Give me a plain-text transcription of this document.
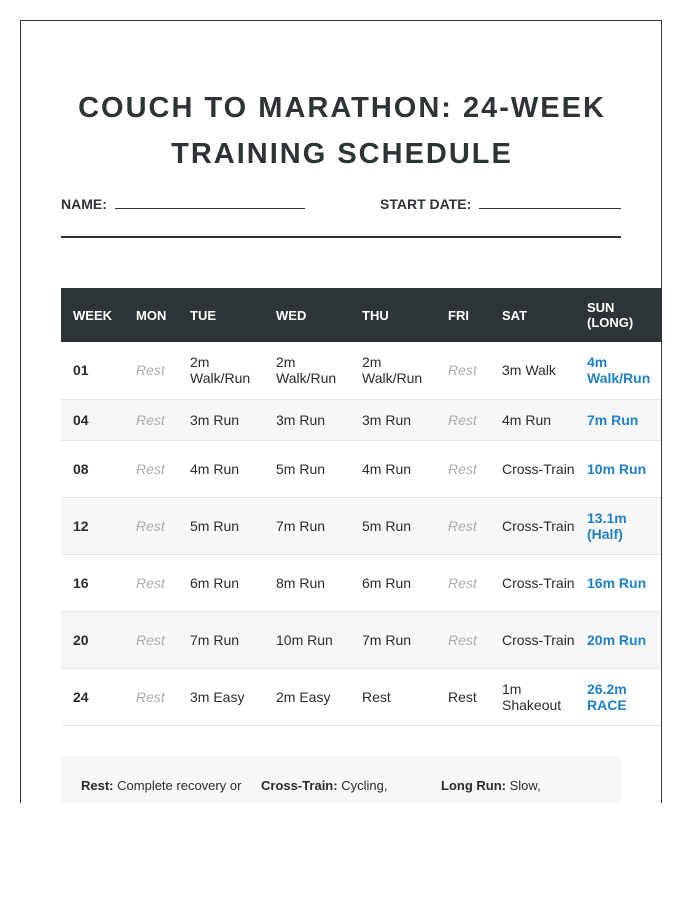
COUCH TO MARATHON: 24-WEEK
TRAINING SCHEDULE
NAME:	START DATE:
WEEK	MON	TUE	WED	THU	FRI	SAT	SUN (LONG)
01	Rest	2m Walk/Run	2m Walk/Run	2m Walk/Run	Rest	3m Walk	4m Walk/Run
04	Rest	3m Run	3m Run	3m Run	Rest	4m Run	7m Run
08	Rest	4m Run	5m Run	4m Run	Rest	Cross-Train	10m Run
12	Rest	5m Run	7m Run	5m Run	Rest	Cross-Train	13.1m (Half)
16	Rest	6m Run	8m Run	6m Run	Rest	Cross-Train	16m Run
20	Rest	7m Run	10m Run	7m Run	Rest	Cross-Train	20m Run
24	Rest	3m Easy	2m Easy	Rest	Rest	1m Shakeout	26.2m RACE
Rest: Complete recovery or Cross-Train: Cycling,	Long Run: Slow,
